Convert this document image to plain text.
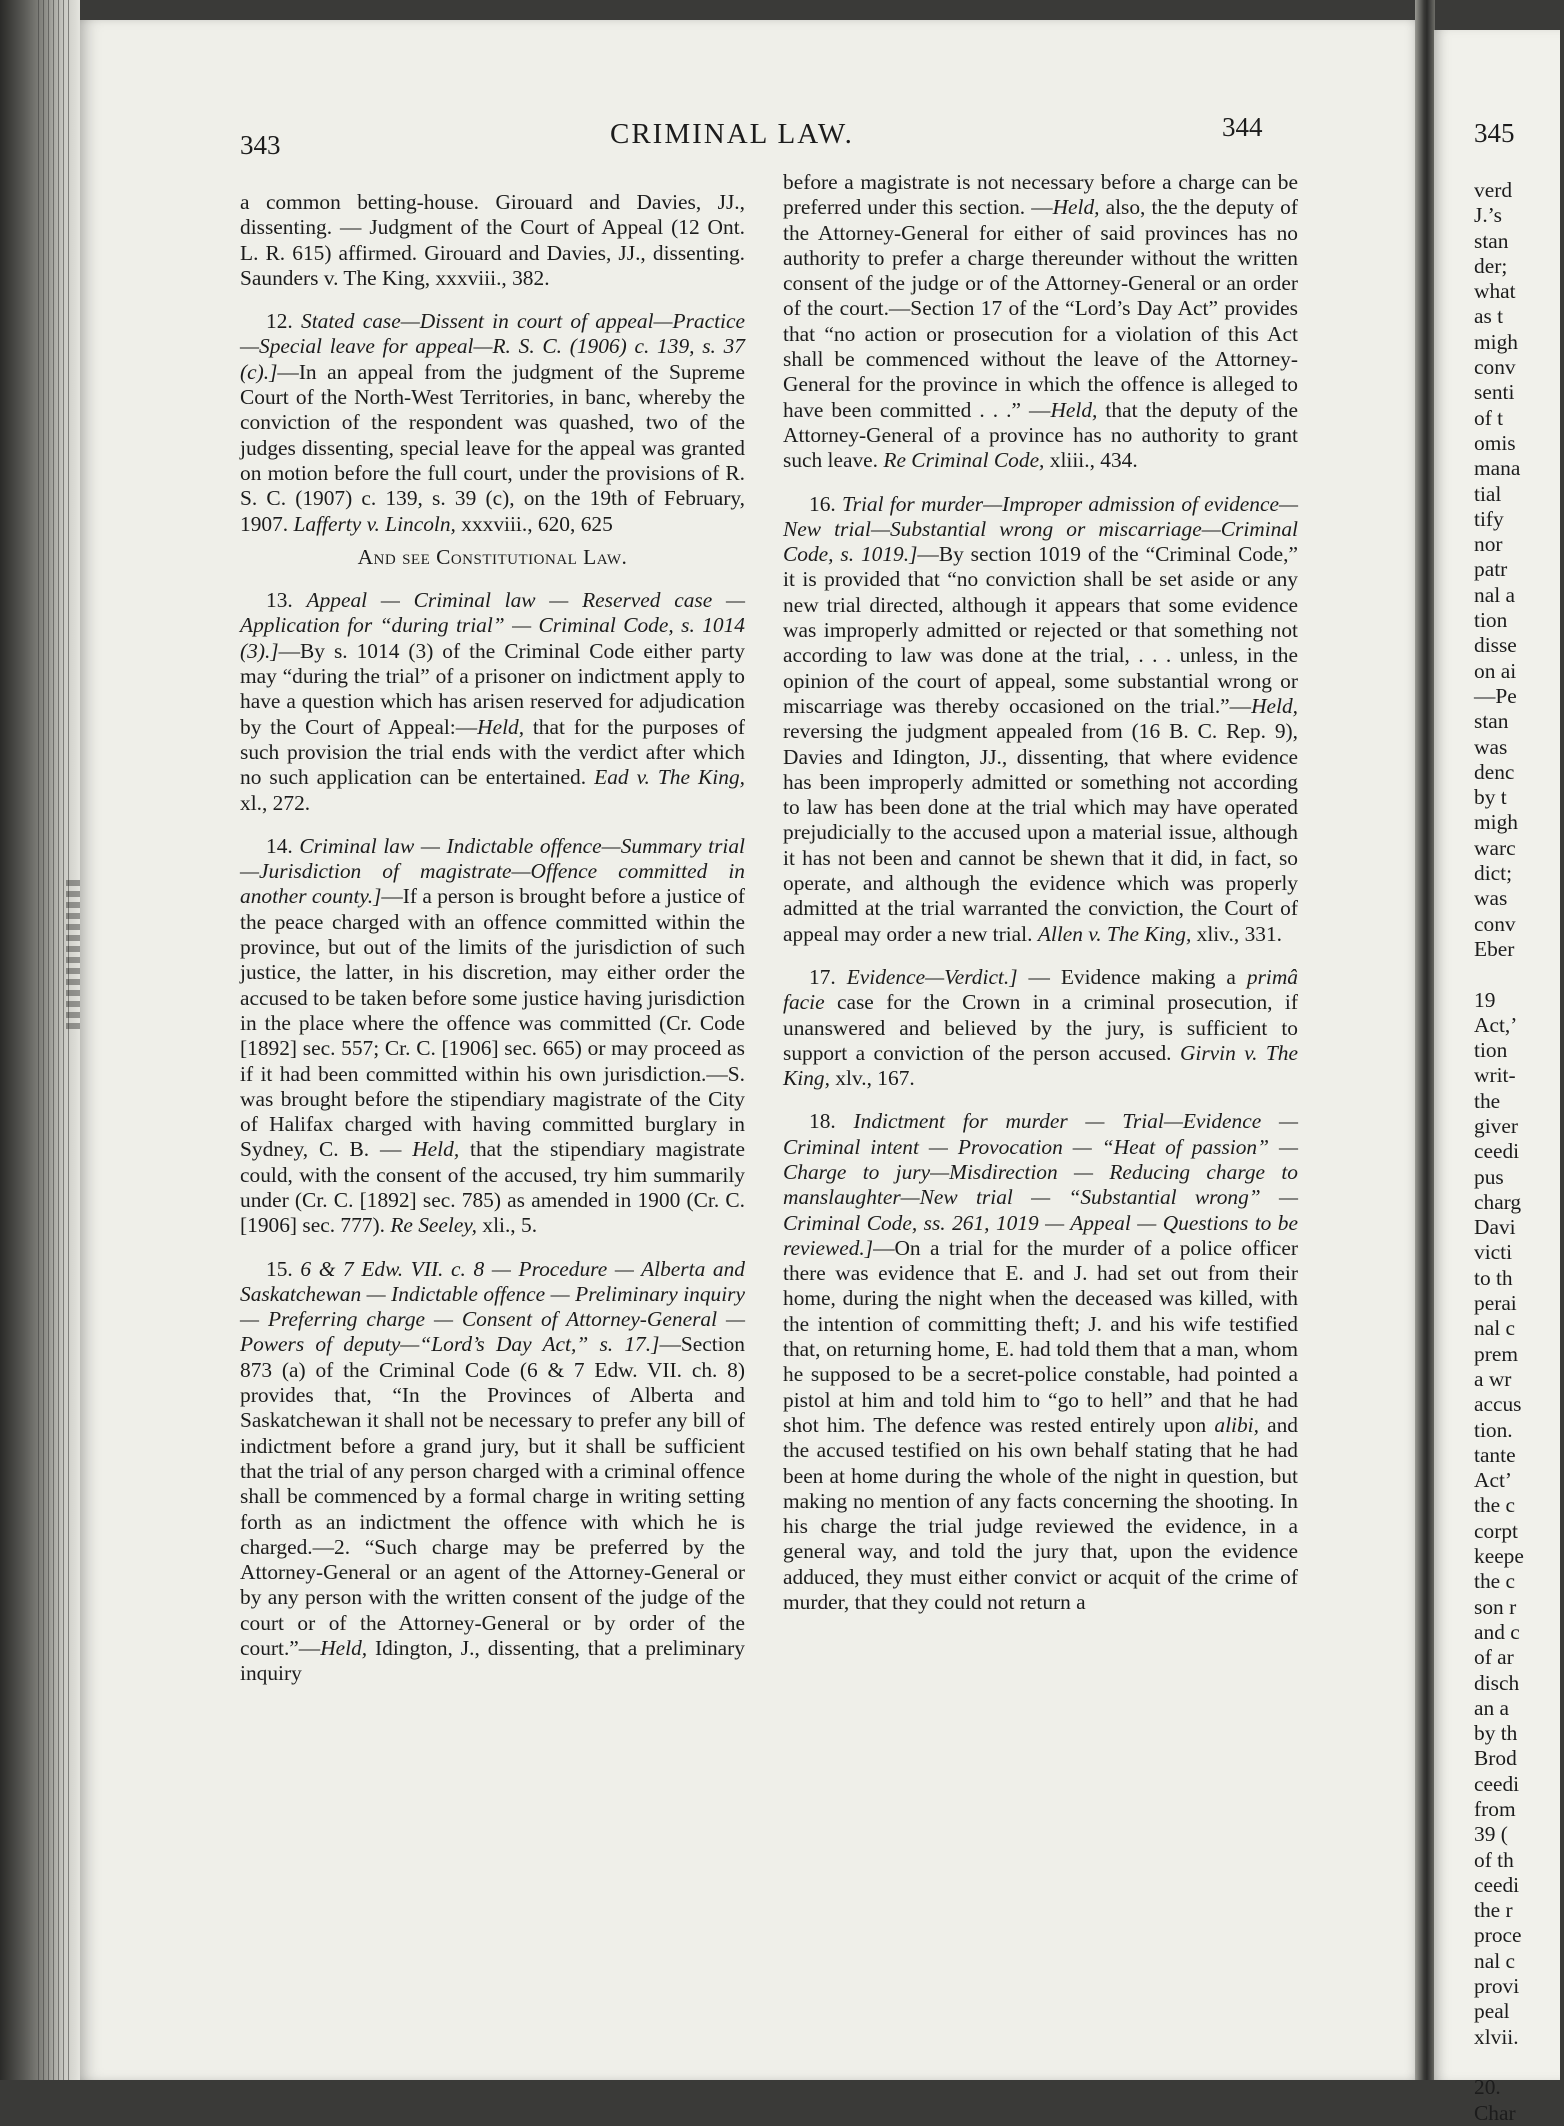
343	CRIMINAL LAW.	344

a common betting-house. Girouard and Davies, JJ., dissenting. — Judgment of the Court of Appeal (12 Ont. L. R. 615) affirmed. Girouard and Davies, JJ., dissenting. Saunders v. The King, xxxviii., 382.

12. Stated case—Dissent in court of appeal—Practice—Special leave for appeal—R. S. C. (1906) c. 139, s. 37 (c).]—In an appeal from the judgment of the Supreme Court of the North-West Territories, in banc, whereby the conviction of the respondent was quashed, two of the judges dissenting, special leave for the appeal was granted on motion before the full court, under the provisions of R. S. C. (1907) c. 139, s. 39 (c), on the 19th of February, 1907. Lafferty v. Lincoln, xxxviii., 620, 625

And see Constitutional Law.

13. Appeal — Criminal law — Reserved case — Application for “during trial” — Criminal Code, s. 1014 (3).]—By s. 1014 (3) of the Criminal Code either party may “during the trial” of a prisoner on indictment apply to have a question which has arisen reserved for adjudication by the Court of Appeal:—Held, that for the purposes of such provision the trial ends with the verdict after which no such application can be entertained. Ead v. The King, xl., 272.

14. Criminal law — Indictable offence—Summary trial—Jurisdiction of magistrate—Offence committed in another county.]—If a person is brought before a justice of the peace charged with an offence committed within the province, but out of the limits of the jurisdiction of such justice, the latter, in his discretion, may either order the accused to be taken before some justice having jurisdiction in the place where the offence was committed (Cr. Code [1892] sec. 557; Cr. C. [1906] sec. 665) or may proceed as if it had been committed within his own jurisdiction.—S. was brought before the stipendiary magistrate of the City of Halifax charged with having committed burglary in Sydney, C. B. — Held, that the stipendiary magistrate could, with the consent of the accused, try him summarily under (Cr. C. [1892] sec. 785) as amended in 1900 (Cr. C. [1906] sec. 777). Re Seeley, xli., 5.

15. 6 & 7 Edw. VII. c. 8 — Procedure — Alberta and Saskatchewan — Indictable offence — Preliminary inquiry — Preferring charge — Consent of Attorney-General — Powers of deputy—“Lord’s Day Act,” s. 17.]—Section 873 (a) of the Criminal Code (6 & 7 Edw. VII. ch. 8) provides that, “In the Provinces of Alberta and Saskatchewan it shall not be necessary to prefer any bill of indictment before a grand jury, but it shall be sufficient that the trial of any person charged with a criminal offence shall be commenced by a formal charge in writing setting forth as an indictment the offence with which he is charged.—2. “Such charge may be preferred by the Attorney-General or an agent of the Attorney-General or by any person with the written consent of the judge of the court or of the Attorney-General or by order of the court.”—Held, Idington, J., dissenting, that a preliminary inquiry

before a magistrate is not necessary before a charge can be preferred under this section. —Held, also, the the deputy of the Attorney-General for either of said provinces has no authority to prefer a charge thereunder without the written consent of the judge or of the Attorney-General or an order of the court.—Section 17 of the “Lord’s Day Act” provides that “no action or prosecution for a violation of this Act shall be commenced without the leave of the Attorney-General for the province in which the offence is alleged to have been committed . . .” —Held, that the deputy of the Attorney-General of a province has no authority to grant such leave. Re Criminal Code, xliii., 434.

16. Trial for murder—Improper admission of evidence—New trial—Substantial wrong or miscarriage—Criminal Code, s. 1019.]—By section 1019 of the “Criminal Code,” it is provided that “no conviction shall be set aside or any new trial directed, although it appears that some evidence was improperly admitted or rejected or that something not according to law was done at the trial, . . . unless, in the opinion of the court of appeal, some substantial wrong or miscarriage was thereby occasioned on the trial.”—Held, reversing the judgment appealed from (16 B. C. Rep. 9), Davies and Idington, JJ., dissenting, that where evidence has been improperly admitted or something not according to law has been done at the trial which may have operated prejudicially to the accused upon a material issue, although it has not been and cannot be shewn that it did, in fact, so operate, and although the evidence which was properly admitted at the trial warranted the conviction, the Court of appeal may order a new trial. Allen v. The King, xliv., 331.

17. Evidence—Verdict.] — Evidence making a primâ facie case for the Crown in a criminal prosecution, if unanswered and believed by the jury, is sufficient to support a conviction of the person accused. Girvin v. The King, xlv., 167.

18. Indictment for murder — Trial—Evidence — Criminal intent — Provocation — “Heat of passion” — Charge to jury—Misdirection — Reducing charge to manslaughter—New trial — “Substantial wrong” — Criminal Code, ss. 261, 1019 — Appeal — Questions to be reviewed.]—On a trial for the murder of a police officer there was evidence that E. and J. had set out from their home, during the night when the deceased was killed, with the intention of committing theft; J. and his wife testified that, on returning home, E. had told them that a man, whom he supposed to be a secret-police constable, had pointed a pistol at him and told him to “go to hell” and that he had shot him. The defence was rested entirely upon alibi, and the accused testified on his own behalf stating that he had been at home during the whole of the night in question, but making no mention of any facts concerning the shooting. In his charge the trial judge reviewed the evidence, in a general way, and told the jury that, upon the evidence adduced, they must either convict or acquit of the crime of murder, that they could not return a

345
verd
J.’s
stan
der;
what
as t
migh
conv
senti
of t
omis
mana
tial
tify
nor
patr
nal a
tion
disse
on ai
—Pe
stan
was
denc
by t
migh
warc
dict;
was
conv
Eber
19
Act,’
tion
writ-
the
giver
ceedi
pus
charg
Davi
victi
to th
perai
nal c
prem
a wr
accus
tion.
tante
Act’
the c
corpt
keepe
the c
son r
and c
of ar
disch
an a
by th
Brod
ceedi
from
39 (
of th
ceedi
the r
proce
nal c
provi
peal
xlvii.
20.
Char
